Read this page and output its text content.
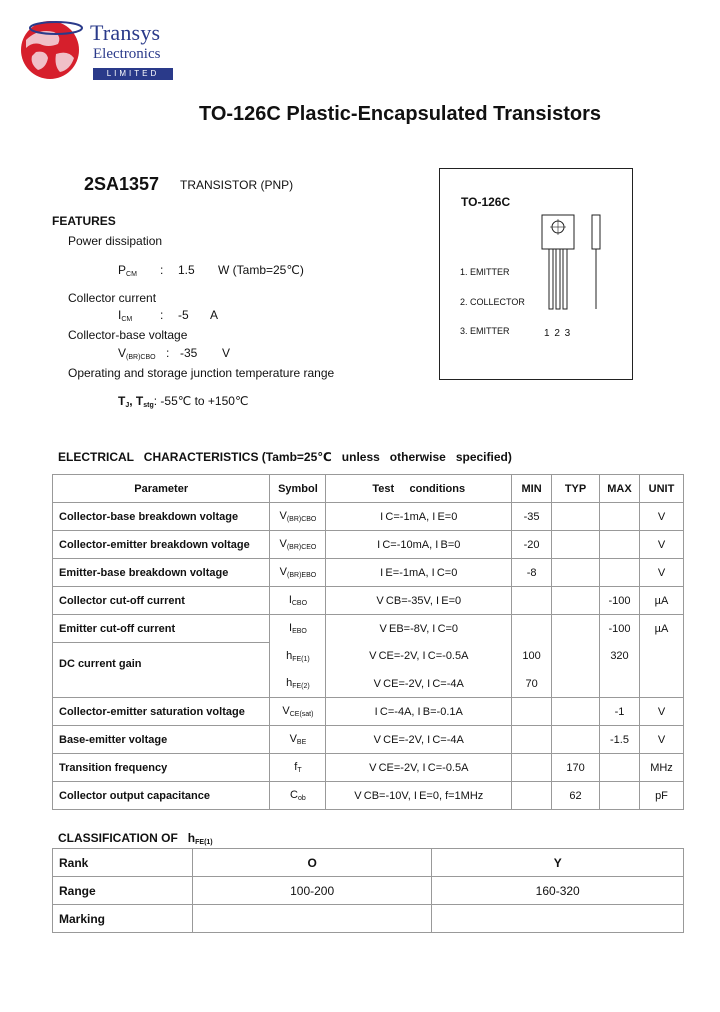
Transys
Electronics
LIMITED
TO-126C Plastic-Encapsulated Transistors
2SA1357 TRANSISTOR (PNP)
FEATURES
Power dissipation
$P_{CM}$ : 1.5 W (Tamb=25℃)
Collector current
$I_{CM}$ : -5 A
Collector-base voltage
$V_{(BR)CBO}$ : -35 V
Operating and storage junction temperature range
$T_J$, $T_{stg}$: -55℃ to +150℃
TO-126C
1. EMITTER
2. COLLECTOR
3. EMITTER	1 2 3
ELECTRICAL   CHARACTERISTICS (Tamb=25℃   unless   otherwise   specified)
Parameter	Symbol	Test     conditions	MIN	TYP	MAX	UNIT
Collector-base breakdown voltage	$V_{(BR)CBO}$	I C=-1mA, I E=0	-35			V
Collector-emitter breakdown voltage	$V_{(BR)CEO}$	I C=-10mA, I B=0	-20			V
Emitter-base breakdown voltage	$V_{(BR)EBO}$	I E=-1mA, I C=0	-8			V
Collector cut-off current	$I_{CBO}$	V CB=-35V, I E=0			-100	µA
Emitter cut-off current	$I_{EBO}$	V EB=-8V, I C=0			-100	µA
DC current gain	$h_{FE(1)}$	V CE=-2V, I C=-0.5A	100		320	
	$h_{FE(2)}$	V CE=-2V, I C=-4A	70			
Collector-emitter saturation voltage	$V_{CE(sat)}$	I C=-4A, I B=-0.1A			-1	V
Base-emitter voltage	$V_{BE}$	V CE=-2V, I C=-4A			-1.5	V
Transition frequency	$f_T$	V CE=-2V, I C=-0.5A		170		MHz
Collector output capacitance	$C_{ob}$	V CB=-10V, I E=0, f=1MHz		62		pF
CLASSIFICATION OF $h_{FE(1)}$
Rank	O	Y
Range	100-200	160-320
Marking		
